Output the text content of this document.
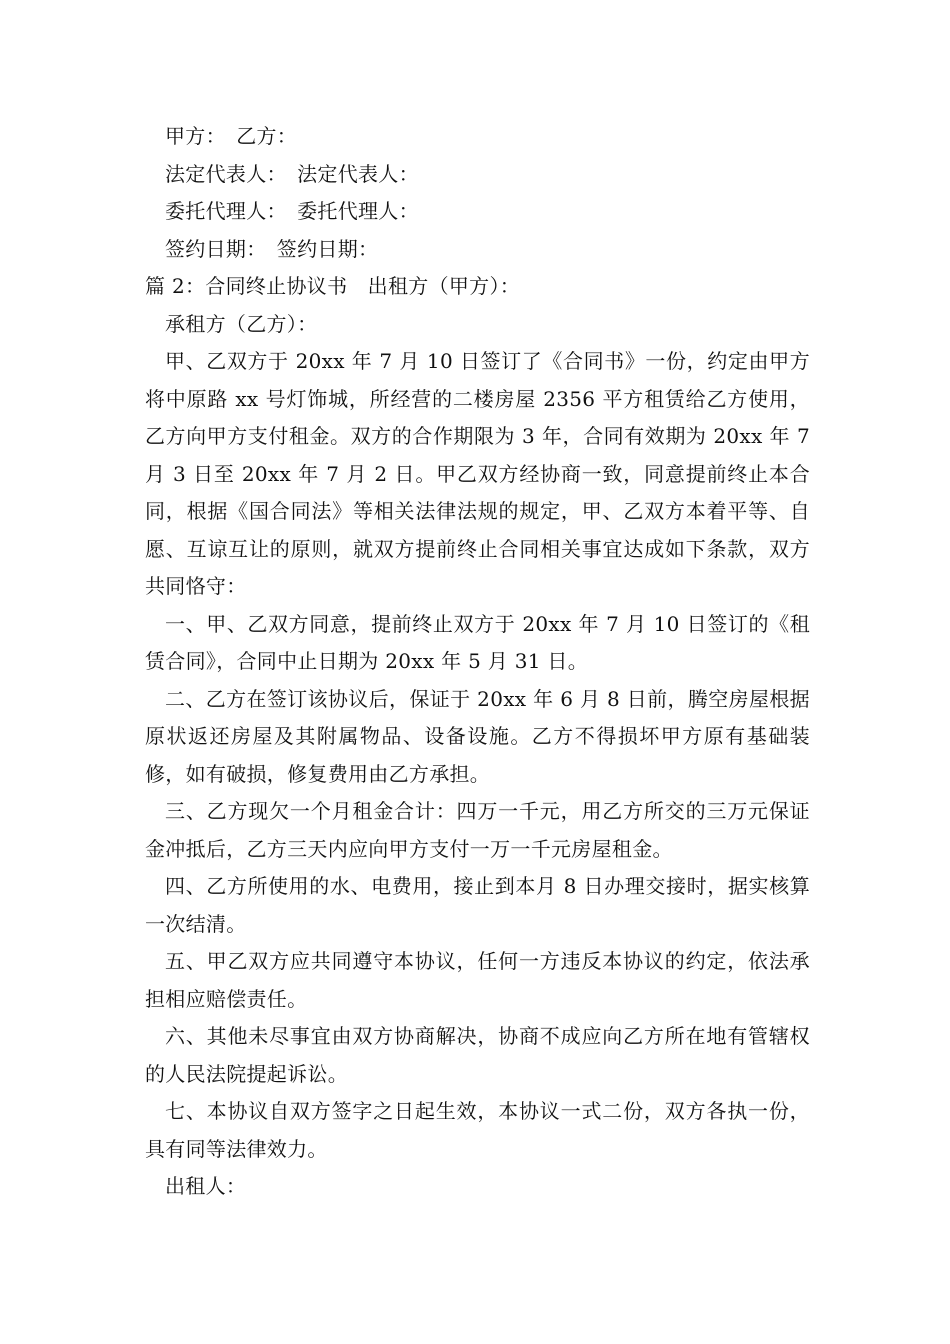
甲方：　乙方：

法定代表人：　法定代表人：

委托代理人：　委托代理人：

签约日期：　签约日期：

篇 2：合同终止协议书　出租方（甲方）：

承租方（乙方）：

甲、乙双方于 20xx 年 7 月 10 日签订了《合同书》一份，约定由甲方将中原路 xx 号灯饰城，所经营的二楼房屋 2356 平方租赁给乙方使用，乙方向甲方支付租金。双方的合作期限为 3 年，合同有效期为 20xx 年 7 月 3 日至 20xx 年 7 月 2 日。甲乙双方经协商一致，同意提前终止本合同，根据《国合同法》等相关法律法规的规定，甲、乙双方本着平等、自愿、互谅互让的原则，就双方提前终止合同相关事宜达成如下条款，双方共同恪守：

一、甲、乙双方同意，提前终止双方于 20xx 年 7 月 10 日签订的《租赁合同》，合同中止日期为 20xx 年 5 月 31 日。

二、乙方在签订该协议后，保证于 20xx 年 6 月 8 日前，腾空房屋根据原状返还房屋及其附属物品、设备设施。乙方不得损坏甲方原有基础装修，如有破损，修复费用由乙方承担。

三、乙方现欠一个月租金合计：四万一千元，用乙方所交的三万元保证金冲抵后，乙方三天内应向甲方支付一万一千元房屋租金。

四、乙方所使用的水、电费用，接止到本月 8 日办理交接时，据实核算一次结清。

五、甲乙双方应共同遵守本协议，任何一方违反本协议的约定，依法承担相应赔偿责任。

六、其他未尽事宜由双方协商解决，协商不成应向乙方所在地有管辖权的人民法院提起诉讼。

七、本协议自双方签字之日起生效，本协议一式二份，双方各执一份，具有同等法律效力。

出租人：
